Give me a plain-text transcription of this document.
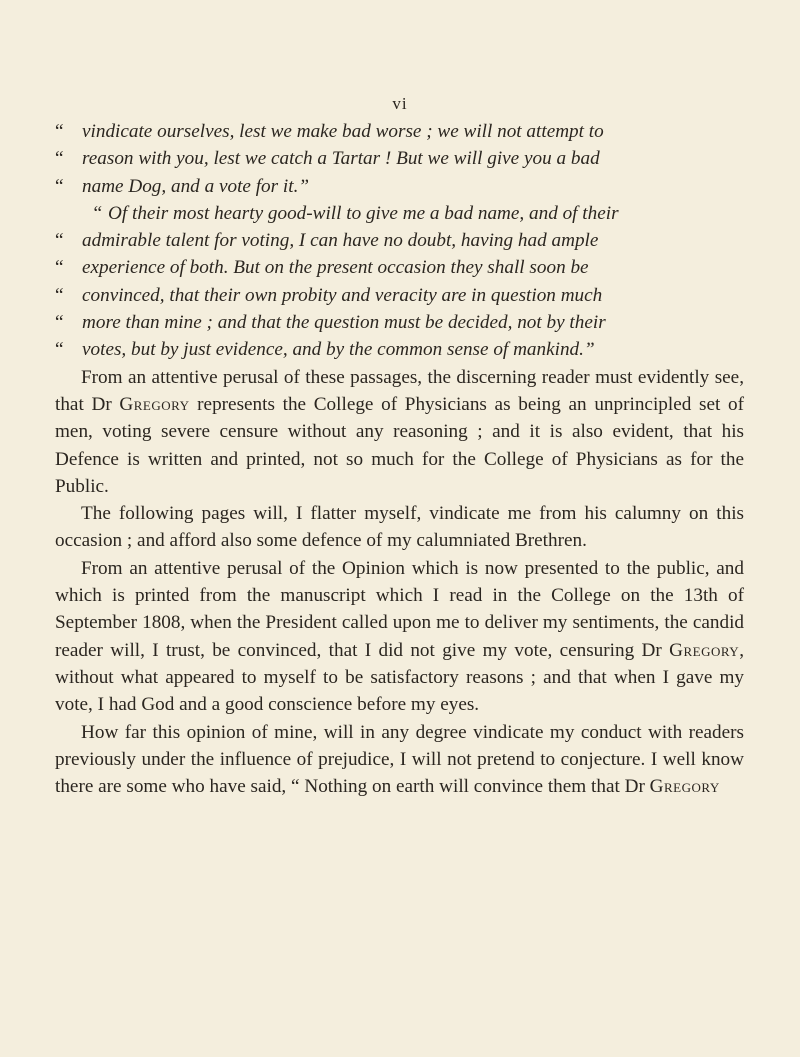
vi
“ vindicate ourselves, lest we make bad worse ; we will not attempt to
“ reason with you, lest we catch a Tartar ! But we will give you a bad
“ name Dog, and a vote for it.”
“ Of their most hearty good-will to give me a bad name, and of their
“ admirable talent for voting, I can have no doubt, having had ample
“ experience of both. But on the present occasion they shall soon be
“ convinced, that their own probity and veracity are in question much
“ more than mine ; and that the question must be decided, not by their
“ votes, but by just evidence, and by the common sense of mankind.”

From an attentive perusal of these passages, the discerning reader must evidently see, that Dr Gregory represents the College of Physicians as being an unprincipled set of men, voting severe censure without any reasoning ; and it is also evident, that his Defence is written and printed, not so much for the College of Physicians as for the Public.

The following pages will, I flatter myself, vindicate me from his calumny on this occasion ; and afford also some defence of my calumniated Brethren.

From an attentive perusal of the Opinion which is now presented to the public, and which is printed from the manuscript which I read in the College on the 13th of September 1808, when the President called upon me to deliver my sentiments, the candid reader will, I trust, be convinced, that I did not give my vote, censuring Dr Gregory, without what appeared to myself to be satisfactory reasons ; and that when I gave my vote, I had God and a good conscience before my eyes.

How far this opinion of mine, will in any degree vindicate my conduct with readers previously under the influence of prejudice, I will not pretend to conjecture. I well know there are some who have said, “ Nothing on earth will convince them that Dr Gregory
